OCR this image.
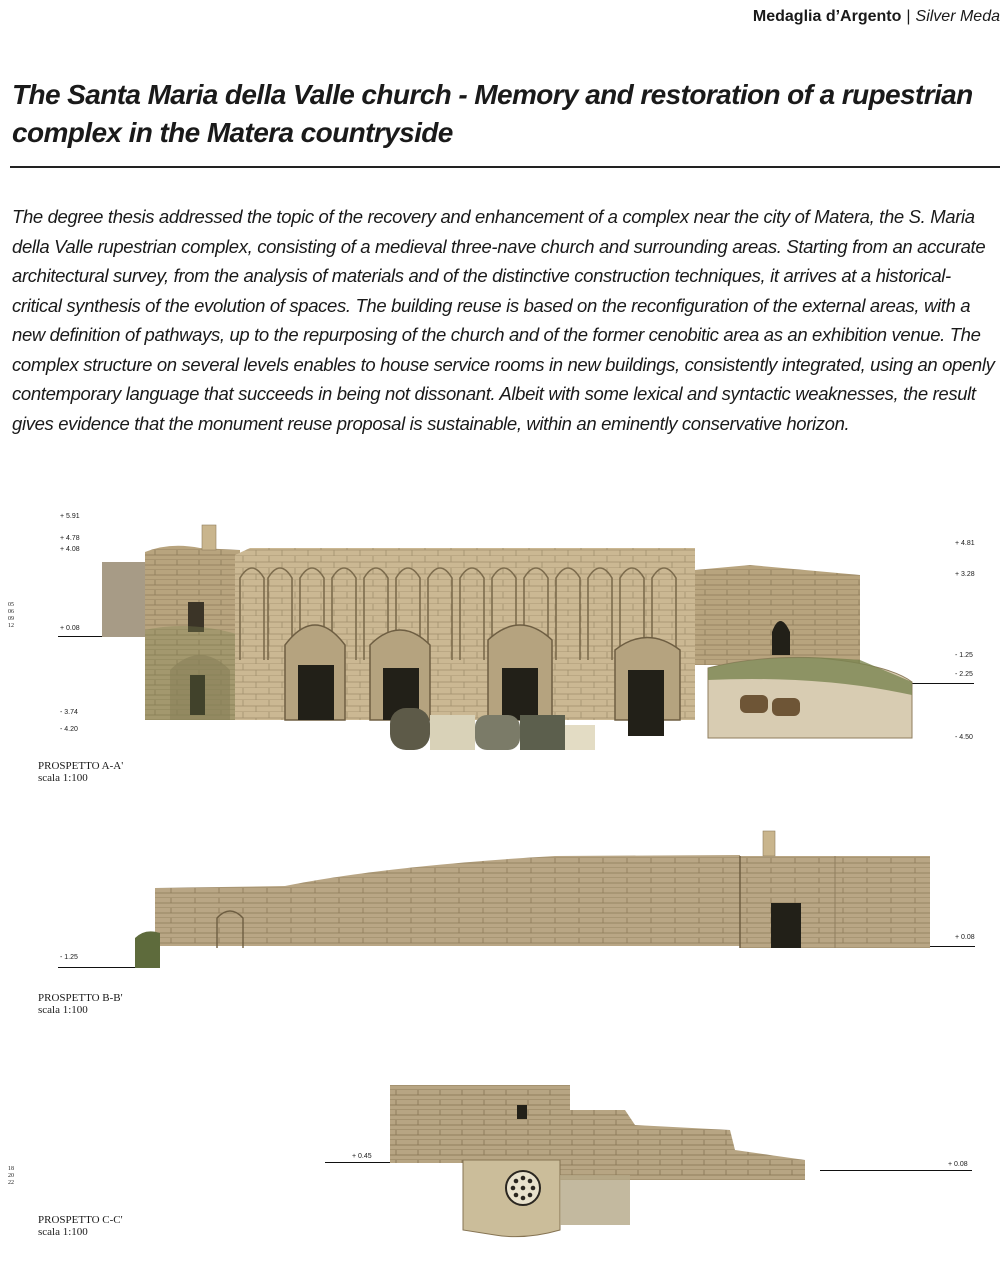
Medaglia d’Argento | Silver Meda
The Santa Maria della Valle church - Memory and restoration of a rupestrian complex in the Matera countryside

The degree thesis addressed the topic of the recovery and enhancement of a complex near the city of Matera, the S. Maria della Valle rupestrian complex, consisting of a medieval three-nave church and surrounding areas. Starting from an accurate architectural survey, from the analysis of materials and of the distinctive construction techniques, it arrives at a historical-critical synthesis of the evolution of spaces. The building reuse is based on the reconfiguration of the external areas, with a new definition of pathways, up to the repurposing of the church and of the former cenobitic area as an exhibition venue. The complex structure on several levels enables to house service rooms in new buildings, consistently integrated, using an openly contemporary language that succeeds in being not dissonant. Albeit with some lexical and syntactic weaknesses, the result gives evidence that the monument reuse proposal is sustainable, within an eminently conservative horizon.

05
06
09
12
+ 5.91
+ 4.78
+ 4.08
+ 0.08
- 3.74
- 4.20
+ 4.81
+ 3.28
- 1.25
- 2.25
- 4.50
PROSPETTO A-A'
scala 1:100
- 1.25
+ 0.08
PROSPETTO B-B'
scala 1:100
18
20
22
+ 0.45
+ 0.08
PROSPETTO C-C'
scala 1:100
